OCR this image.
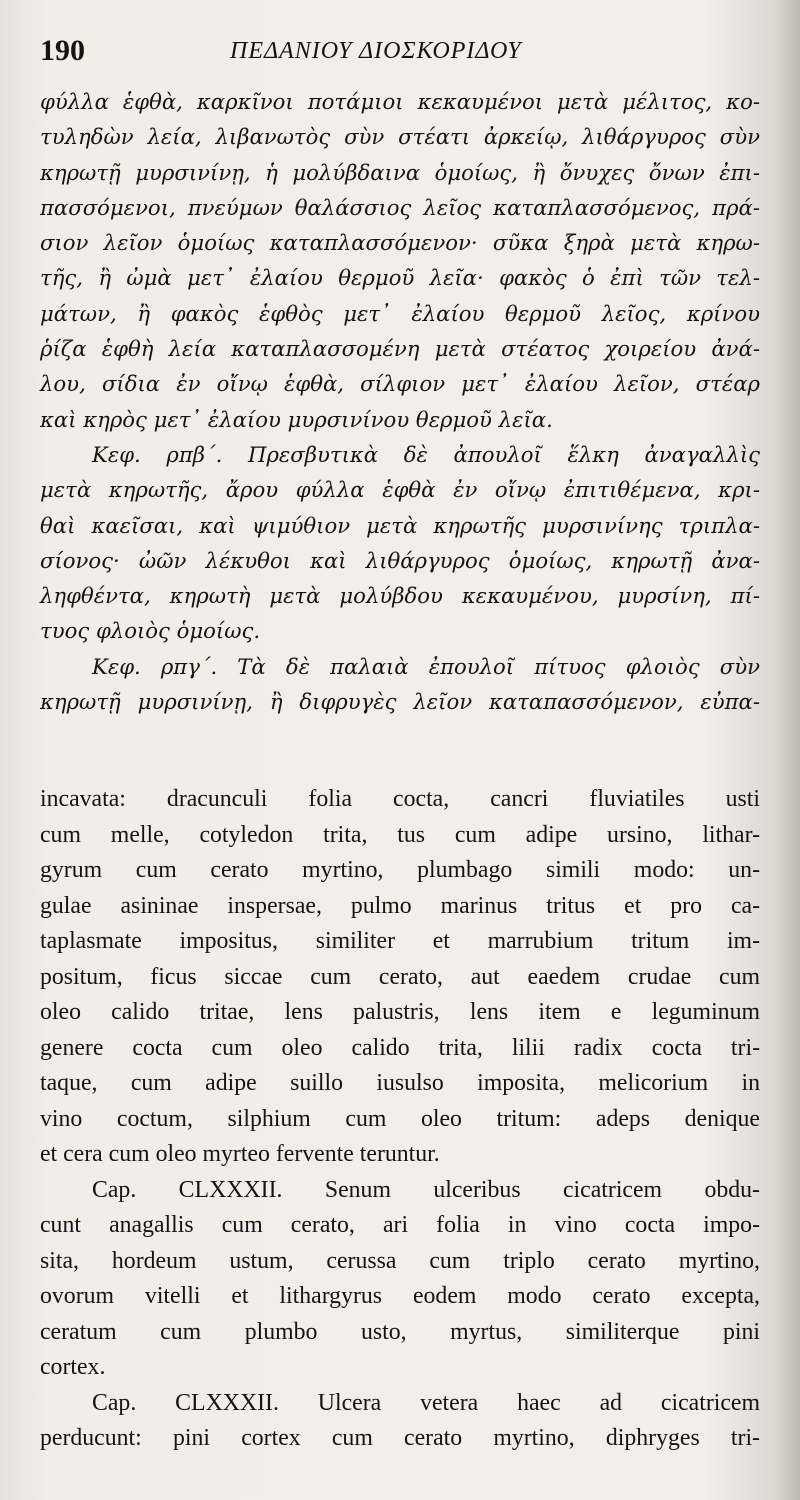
190	ΠΕΔΑΝΙΟΥ ΔΙΟΣΚΟΡΙΔΟΥ
φύλλα ἑφθὰ, καρκῖνοι ποτάμιοι κεκαυμένοι μετὰ μέλιτος, κο-
τυληδὼν λεία, λιβανωτὸς σὺν στέατι ἀρκείῳ, λιθάργυρος σὺν
κηρωτῇ μυρσινίνῃ, ἡ μολύβδαινα ὁμοίως, ἢ ὄνυχες ὄνων ἐπι-
πασσόμενοι, πνεύμων θαλάσσιος λεῖος καταπλασσόμενος, πρά-
σιον λεῖον ὁμοίως καταπλασσόμενον· σῦκα ξηρὰ μετὰ κηρω-
τῆς, ἢ ὠμὰ μετ᾽ ἐλαίου θερμοῦ λεῖα· φακὸς ὁ ἐπὶ τῶν τελ-
μάτων, ἢ φακὸς ἑφθὸς μετ᾽ ἐλαίου θερμοῦ λεῖος, κρίνου
ῥίζα ἑφθὴ λεία καταπλασσομένη μετὰ στέατος χοιρείου ἀνά-
λου, σίδια ἐν οἴνῳ ἑφθὰ, σίλφιον μετ᾽ ἐλαίου λεῖον, στέαρ
καὶ κηρὸς μετ᾽ ἐλαίου μυρσινίνου θερμοῦ λεῖα.
Κεφ. ρπβ΄. Πρεσβυτικὰ δὲ ἀπουλοῖ ἕλκη ἀναγαλλὶς
μετὰ κηρωτῆς, ἄρου φύλλα ἑφθὰ ἐν οἴνῳ ἐπιτιθέμενα, κρι-
θαὶ καεῖσαι, καὶ ψιμύθιον μετὰ κηρωτῆς μυρσινίνης τριπλα-
σίονος· ὠῶν λέκυθοι καὶ λιθάργυρος ὁμοίως, κηρωτῇ ἀνα-
ληφθέντα, κηρωτὴ μετὰ μολύβδου κεκαυμένου, μυρσίνη, πί-
τυος φλοιὸς ὁμοίως.
Κεφ. ρπγ΄. Τὰ δὲ παλαιὰ ἐπουλοῖ πίτυος φλοιὸς σὺν
κηρωτῇ μυρσινίνῃ, ἢ διφρυγὲς λεῖον καταπασσόμενον, εὐπα-
incavata: dracunculi folia cocta, cancri fluviatiles usti
cum melle, cotyledon trita, tus cum adipe ursino, lithar-
gyrum cum cerato myrtino, plumbago simili modo: un-
gulae asininae inspersae, pulmo marinus tritus et pro ca-
taplasmate impositus, similiter et marrubium tritum im-
positum, ficus siccae cum cerato, aut eaedem crudae cum
oleo calido tritae, lens palustris, lens item e leguminum
genere cocta cum oleo calido trita, lilii radix cocta tri-
taque, cum adipe suillo iusulso imposita, melicorium in
vino coctum, silphium cum oleo tritum: adeps denique
et cera cum oleo myrteo fervente teruntur.
Cap. CLXXXII. Senum ulceribus cicatricem obdu-
cunt anagallis cum cerato, ari folia in vino cocta impo-
sita, hordeum ustum, cerussa cum triplo cerato myrtino,
ovorum vitelli et lithargyrus eodem modo cerato excepta,
ceratum cum plumbo usto, myrtus, similiterque pini
cortex.
Cap. CLXXXII. Ulcera vetera haec ad cicatricem
perducunt: pini cortex cum cerato myrtino, diphryges tri-
